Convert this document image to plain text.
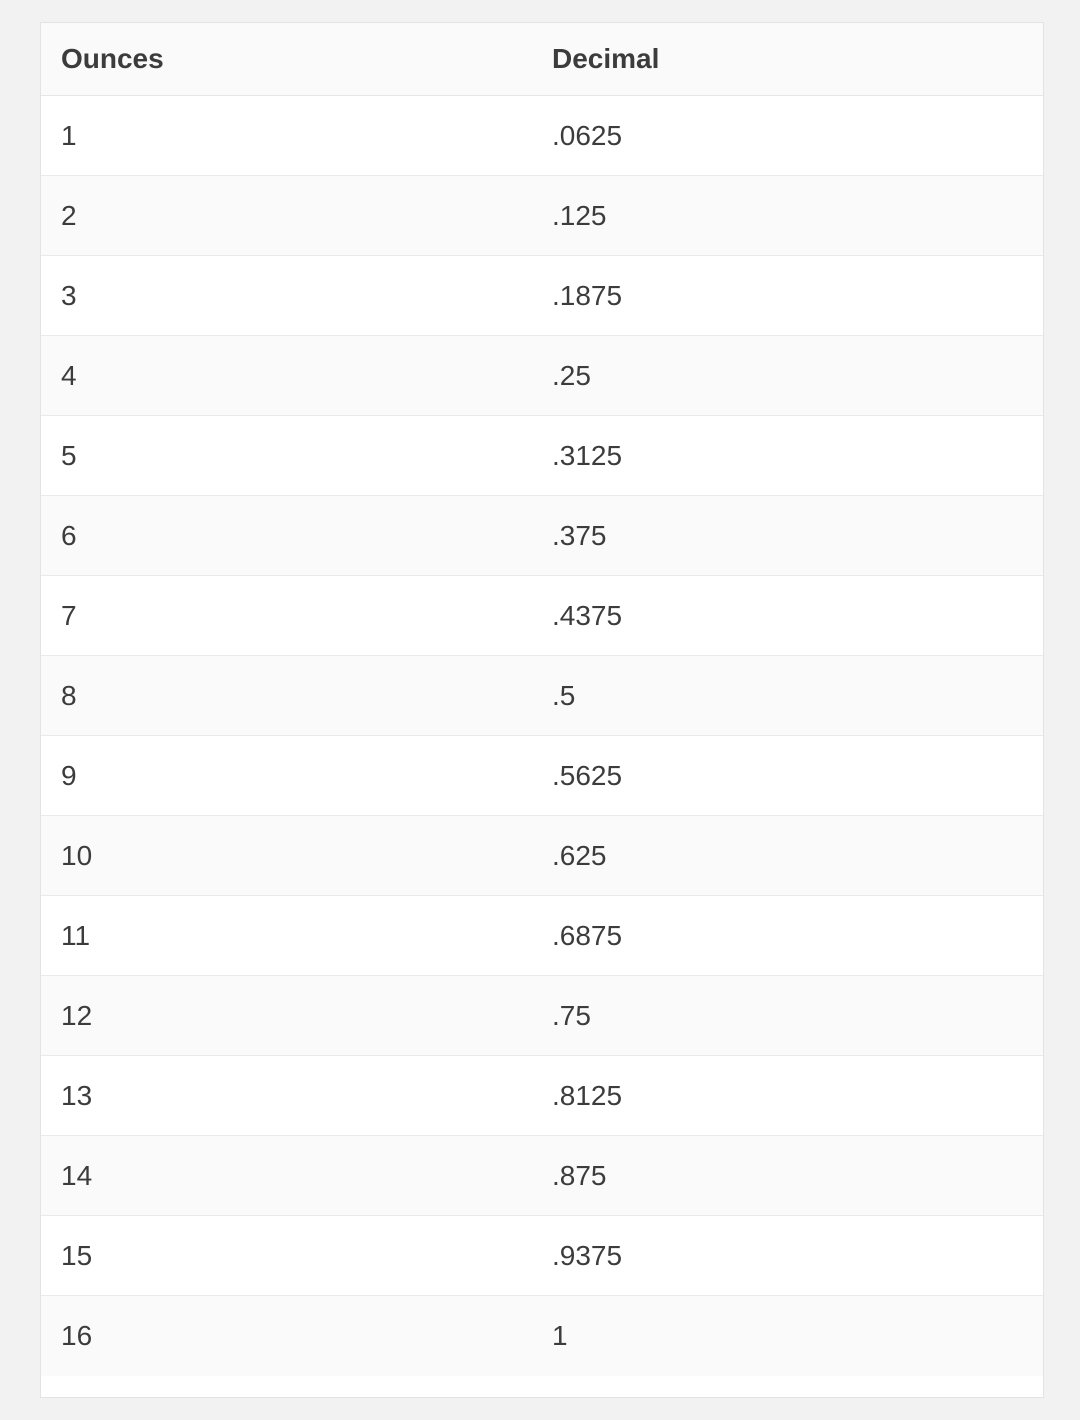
Ounces	Decimal
1	.0625
2	.125
3	.1875
4	.25
5	.3125
6	.375
7	.4375
8	.5
9	.5625
10	.625
11	.6875
12	.75
13	.8125
14	.875
15	.9375
16	1
